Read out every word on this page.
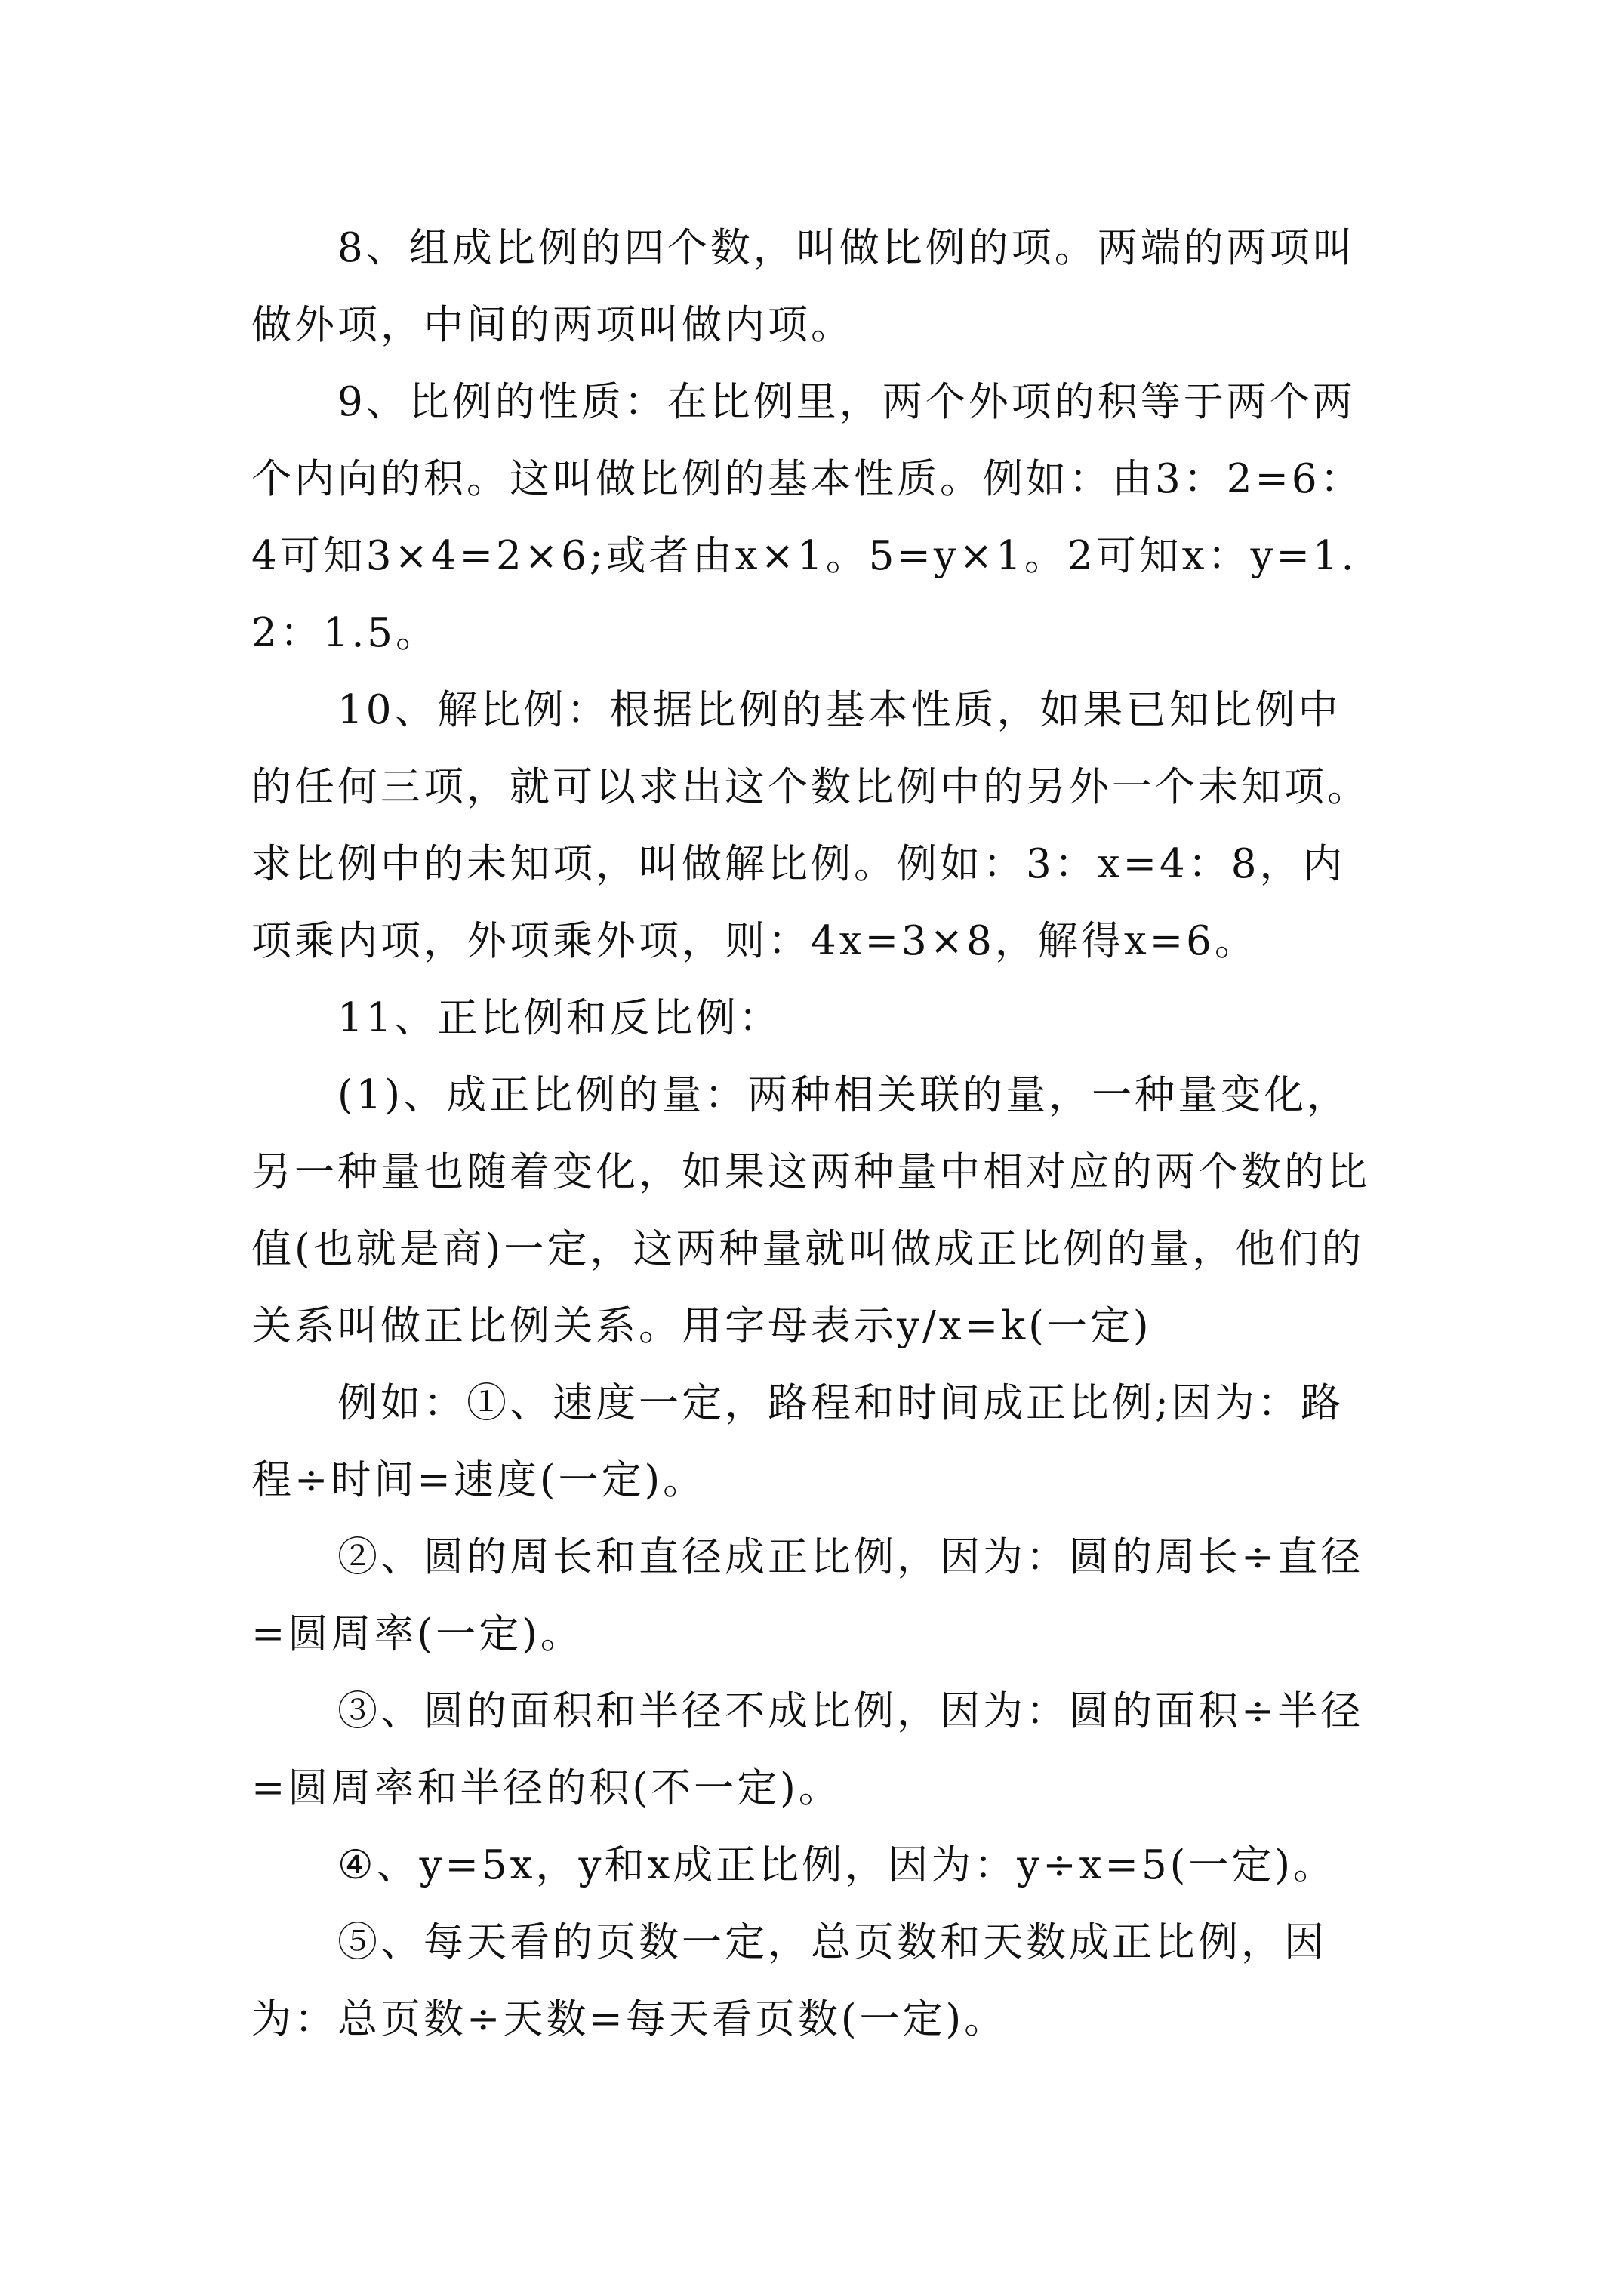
8、组成比例的四个数，叫做比例的项。两端的两项叫做外项，中间的两项叫做内项。

9、比例的性质：在比例里，两个外项的积等于两个两个内向的积。这叫做比例的基本性质。例如：由3：2=6：4可知3×4=2×6;或者由x×1。5=y×1。2可知x：y=1.2：1.5。

10、解比例：根据比例的基本性质，如果已知比例中的任何三项，就可以求出这个数比例中的另外一个未知项。求比例中的未知项，叫做解比例。例如：3：x=4：8，内项乘内项，外项乘外项，则：4x=3×8，解得x=6。

11、正比例和反比例：

(1)、成正比例的量：两种相关联的量，一种量变化，另一种量也随着变化，如果这两种量中相对应的两个数的比值(也就是商)一定，这两种量就叫做成正比例的量，他们的关系叫做正比例关系。用字母表示y/x=k(一定)

例如：①、速度一定，路程和时间成正比例;因为：路程÷时间=速度(一定)。

②、圆的周长和直径成正比例，因为：圆的周长÷直径=圆周率(一定)。

③、圆的面积和半径不成比例，因为：圆的面积÷半径=圆周率和半径的积(不一定)。

④、y=5x，y和x成正比例，因为：y÷x=5(一定)。

⑤、每天看的页数一定，总页数和天数成正比例，因为：总页数÷天数=每天看页数(一定)。
